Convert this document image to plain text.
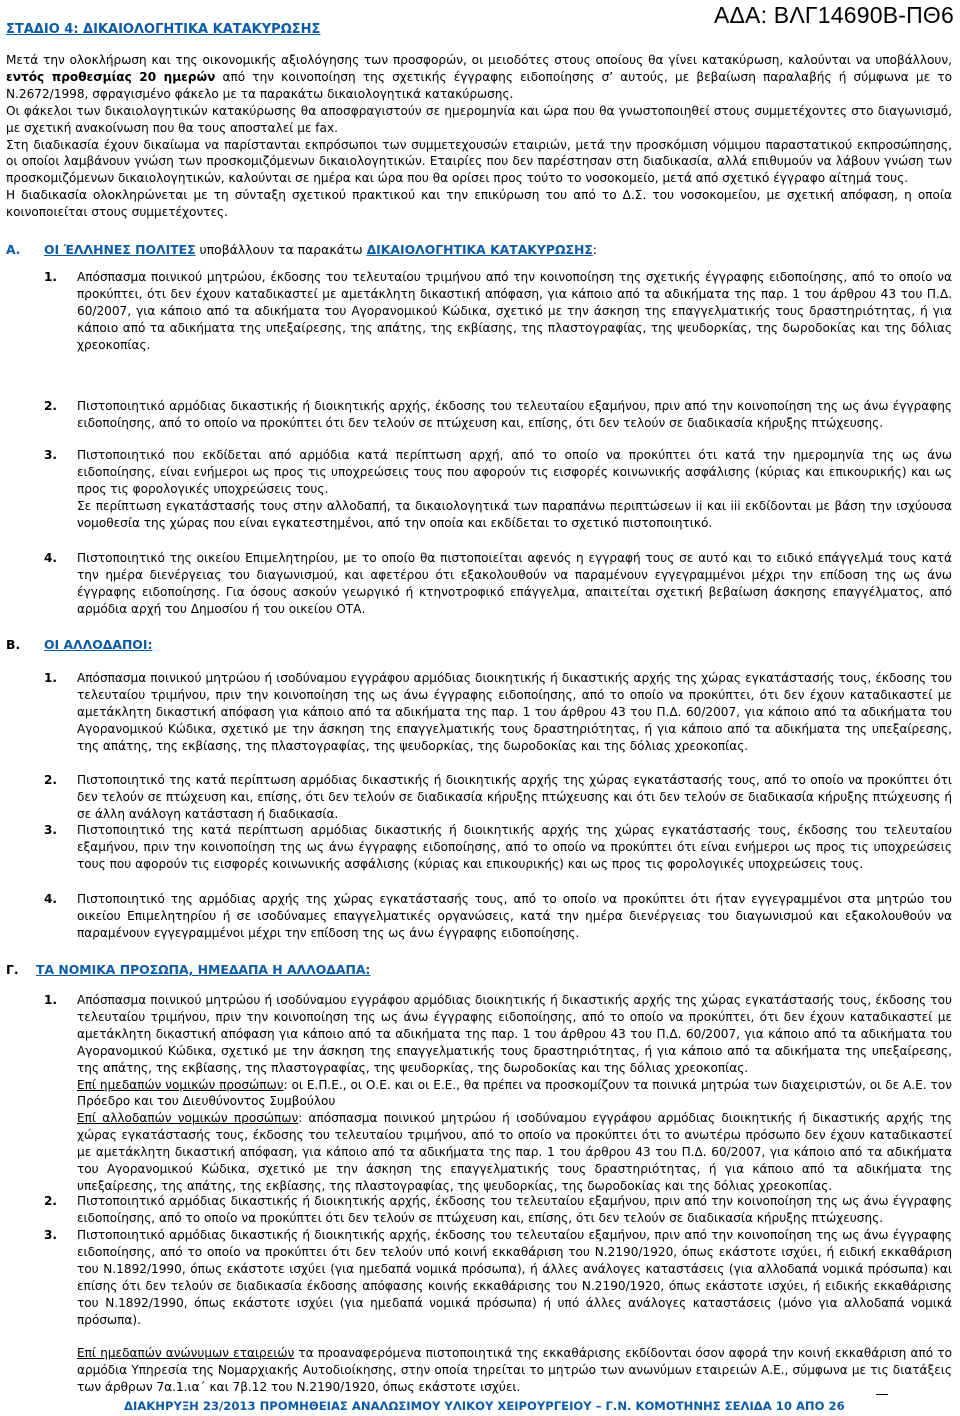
ΣΤΑΔΙΟ 4: ΔΙΚΑΙΟΛΟΓΗΤΙΚΑ ΚΑΤΑΚΥΡΩΣΗΣ
ΑΔΑ: ΒΛΓ14690Β-ΠΘ6

Μετά την ολοκλήρωση και της οικονομικής αξιολόγησης των προσφορών, οι μειοδότες στους οποίους θα γίνει κατακύρωση, καλούνται να υποβάλλουν, εντός προθεσμίας 20 ημερών από την κοινοποίηση της σχετικής έγγραφης ειδοποίησης σ’ αυτούς, με βεβαίωση παραλαβής ή σύμφωνα με το Ν.2672/1998, σφραγισμένο φάκελο με τα παρακάτω δικαιολογητικά κατακύρωσης.

Οι φάκελοι των δικαιολογητικών κατακύρωσης θα αποσφραγιστούν σε ημερομηνία και ώρα που θα γνωστοποιηθεί στους συμμετέχοντες στο διαγωνισμό, με σχετική ανακοίνωση που θα τους αποσταλεί με fax.

Στη διαδικασία έχουν δικαίωμα να παρίστανται εκπρόσωποι των συμμετεχουσών εταιριών, μετά την προσκόμιση νόμιμου παραστατικού εκπροσώπησης, οι οποίοι λαμβάνουν γνώση των προσκομιζόμενων δικαιολογητικών. Εταιρίες που δεν παρέστησαν στη διαδικασία, αλλά επιθυμούν να λάβουν γνώση των προσκομιζόμενων δικαιολογητικών, καλούνται σε ημέρα και ώρα που θα ορίσει προς τούτο το νοσοκομείο, μετά από σχετικό έγγραφο αίτημά τους.

Η διαδικασία ολοκληρώνεται με τη σύνταξη σχετικού πρακτικού και την επικύρωση του από το Δ.Σ. του νοσοκομείου, με σχετική απόφαση, η οποία κοινοποιείται στους συμμετέχοντες.

Α. ΟΙ ΈΛΛΗΝΕΣ ΠΟΛΙΤΕΣ υποβάλλουν τα παρακάτω ΔΙΚΑΙΟΛΟΓΗΤΙΚΑ ΚΑΤΑΚΥΡΩΣΗΣ:
1. Απόσπασμα ποινικού μητρώου, έκδοσης του τελευταίου τριμήνου από την κοινοποίηση της σχετικής έγγραφης ειδοποίησης, από το οποίο να προκύπτει, ότι δεν έχουν καταδικαστεί με αμετάκλητη δικαστική απόφαση, για κάποιο από τα αδικήματα της παρ. 1 του άρθρου 43 του Π.Δ. 60/2007, για κάποιο από τα αδικήματα του Αγορανομικού Κώδικα, σχετικό με την άσκηση της επαγγελματικής τους δραστηριότητας, ή για κάποιο από τα αδικήματα της υπεξαίρεσης, της απάτης, της εκβίασης, της πλαστογραφίας, της ψευδορκίας, της δωροδοκίας και της δόλιας χρεοκοπίας.
2. Πιστοποιητικό αρμόδιας δικαστικής ή διοικητικής αρχής, έκδοσης του τελευταίου εξαμήνου, πριν από την κοινοποίηση της ως άνω έγγραφης ειδοποίησης, από το οποίο να προκύπτει ότι δεν τελούν σε πτώχευση και, επίσης, ότι δεν τελούν σε διαδικασία κήρυξης πτώχευσης.
3. Πιστοποιητικό που εκδίδεται από αρμόδια κατά περίπτωση αρχή, από το οποίο να προκύπτει ότι κατά την ημερομηνία της ως άνω ειδοποίησης, είναι ενήμεροι ως προς τις υποχρεώσεις τους που αφορούν τις εισφορές κοινωνικής ασφάλισης (κύριας και επικουρικής) και ως προς τις φορολογικές υποχρεώσεις τους.

Σε περίπτωση εγκατάστασής τους στην αλλοδαπή, τα δικαιολογητικά των παραπάνω περιπτώσεων ii και iii εκδίδονται με βάση την ισχύουσα νομοθεσία της χώρας που είναι εγκατεστημένοι, από την οποία και εκδίδεται το σχετικό πιστοποιητικό.

4. Πιστοποιητικό της οικείου Επιμελητηρίου, με το οποίο θα πιστοποιείται αφενός η εγγραφή τους σε αυτό και το ειδικό επάγγελμά τους κατά την ημέρα διενέργειας του διαγωνισμού, και αφετέρου ότι εξακολουθούν να παραμένουν εγγεγραμμένοι μέχρι την επίδοση της ως άνω έγγραφης ειδοποίησης. Για όσους ασκούν γεωργικό ή κτηνοτροφικό επάγγελμα, απαιτείται σχετική βεβαίωση άσκησης επαγγέλματος, από αρμόδια αρχή του Δημοσίου ή του οικείου ΟΤΑ.
Β. ΟΙ ΑΛΛΟΔΑΠΟΙ:
1. Απόσπασμα ποινικού μητρώου ή ισοδύναμου εγγράφου αρμόδιας διοικητικής ή δικαστικής αρχής της χώρας εγκατάστασής τους, έκδοσης του τελευταίου τριμήνου, πριν την κοινοποίηση της ως άνω έγγραφης ειδοποίησης, από το οποίο να προκύπτει, ότι δεν έχουν καταδικαστεί με αμετάκλητη δικαστική απόφαση για κάποιο από τα αδικήματα της παρ. 1 του άρθρου 43 του Π.Δ. 60/2007, για κάποιο από τα αδικήματα του Αγορανομικού Κώδικα, σχετικό με την άσκηση της επαγγελματικής τους δραστηριότητας, ή για κάποιο από τα αδικήματα της υπεξαίρεσης, της απάτης, της εκβίασης, της πλαστογραφίας, της ψευδορκίας, της δωροδοκίας και της δόλιας χρεοκοπίας.
2. Πιστοποιητικό της κατά περίπτωση αρμόδιας δικαστικής ή διοικητικής αρχής της χώρας εγκατάστασής τους, από το οποίο να προκύπτει ότι δεν τελούν σε πτώχευση και, επίσης, ότι δεν τελούν σε διαδικασία κήρυξης πτώχευσης και ότι δεν τελούν σε διαδικασία κήρυξης πτώχευσης ή σε άλλη ανάλογη κατάσταση ή διαδικασία.
3. Πιστοποιητικό της κατά περίπτωση αρμόδιας δικαστικής ή διοικητικής αρχής της χώρας εγκατάστασής τους, έκδοσης του τελευταίου εξαμήνου, πριν την κοινοποίηση της ως άνω έγγραφης ειδοποίησης, από το οποίο να προκύπτει ότι είναι ενήμεροι ως προς τις υποχρεώσεις τους που αφορούν τις εισφορές κοινωνικής ασφάλισης (κύριας και επικουρικής) και ως προς τις φορολογικές υποχρεώσεις τους.
4. Πιστοποιητικό της αρμόδιας αρχής της χώρας εγκατάστασής τους, από το οποίο να προκύπτει ότι ήταν εγγεγραμμένοι στα μητρώο του οικείου Επιμελητηρίου ή σε ισοδύναμες επαγγελματικές οργανώσεις, κατά την ημέρα διενέργειας του διαγωνισμού και εξακολουθούν να παραμένουν εγγεγραμμένοι μέχρι την επίδοση της ως άνω έγγραφης ειδοποίησης.
Γ. ΤΑ ΝΟΜΙΚΑ ΠΡΟΣΩΠΑ, ΗΜΕΔΑΠΑ Η ΑΛΛΟΔΑΠΑ:
1. Απόσπασμα ποινικού μητρώου ή ισοδύναμου εγγράφου αρμόδιας διοικητικής ή δικαστικής αρχής της χώρας εγκατάστασής τους, έκδοσης του τελευταίου τριμήνου, πριν την κοινοποίηση της ως άνω έγγραφης ειδοποίησης, από το οποίο να προκύπτει, ότι δεν έχουν καταδικαστεί με αμετάκλητη δικαστική απόφαση για κάποιο από τα αδικήματα της παρ. 1 του άρθρου 43 του Π.Δ. 60/2007, για κάποιο από τα αδικήματα του Αγορανομικού Κώδικα, σχετικό με την άσκηση της επαγγελματικής τους δραστηριότητας, ή για κάποιο από τα αδικήματα της υπεξαίρεσης, της απάτης, της εκβίασης, της πλαστογραφίας, της ψευδορκίας, της δωροδοκίας και της δόλιας χρεοκοπίας.

Επί ημεδαπών νομικών προσώπων: οι Ε.Π.Ε., οι Ο.Ε. και οι Ε.Ε., θα πρέπει να προσκομίζουν τα ποινικά μητρώα των διαχειριστών, οι δε Α.Ε. τον Πρόεδρο και του Διευθύνοντος Συμβούλου

Επί αλλοδαπών νομικών προσώπων: απόσπασμα ποινικού μητρώου ή ισοδύναμου εγγράφου αρμόδιας διοικητικής ή δικαστικής αρχής της χώρας εγκατάστασής τους, έκδοσης του τελευταίου τριμήνου, από το οποίο να προκύπτει ότι το ανωτέρω πρόσωπο δεν έχουν καταδικαστεί με αμετάκλητη δικαστική απόφαση, για κάποιο από τα αδικήματα της παρ. 1 του άρθρου 43 του Π.Δ. 60/2007, για κάποιο από τα αδικήματα του Αγορανομικού Κώδικα, σχετικό με την άσκηση της επαγγελματικής τους δραστηριότητας, ή για κάποιο από τα αδικήματα της υπεξαίρεσης, της απάτης, της εκβίασης, της πλαστογραφίας, της ψευδορκίας, της δωροδοκίας και της δόλιας χρεοκοπίας.

2. Πιστοποιητικό αρμόδιας δικαστικής ή διοικητικής αρχής, έκδοσης του τελευταίου εξαμήνου, πριν από την κοινοποίηση της ως άνω έγγραφης ειδοποίησης, από το οποίο να προκύπτει ότι δεν τελούν σε πτώχευση και, επίσης, ότι δεν τελούν σε διαδικασία κήρυξης πτώχευσης.
3. Πιστοποιητικό αρμόδιας δικαστικής ή διοικητικής αρχής, έκδοσης του τελευταίου εξαμήνου, πριν από την κοινοποίηση της ως άνω έγγραφης ειδοποίησης, από το οποίο να προκύπτει ότι δεν τελούν υπό κοινή εκκαθάριση του Ν.2190/1920, όπως εκάστοτε ισχύει, ή ειδική εκκαθάριση του Ν.1892/1990, όπως εκάστοτε ισχύει (για ημεδαπά νομικά πρόσωπα), ή άλλες ανάλογες καταστάσεις (για αλλοδαπά νομικά πρόσωπα) και επίσης ότι δεν τελούν σε διαδικασία έκδοσης απόφασης κοινής εκκαθάρισης του Ν.2190/1920, όπως εκάστοτε ισχύει, ή ειδικής εκκαθάρισης του Ν.1892/1990, όπως εκάστοτε ισχύει (για ημεδαπά νομικά πρόσωπα) ή υπό άλλες ανάλογες καταστάσεις (μόνο για αλλοδαπά νομικά πρόσωπα).

Επί ημεδαπών ανώνυμων εταιρειών τα προαναφερόμενα πιστοποιητικά της εκκαθάρισης εκδίδονται όσον αφορά την κοινή εκκαθάριση από το αρμόδια Υπηρεσία της Νομαρχιακής Αυτοδιοίκησης, στην οποία τηρείται το μητρώο των ανωνύμων εταιρειών Α.Ε., σύμφωνα με τις διατάξεις των άρθρων 7α.1.ια΄ και 7β.12 του Ν.2190/1920, όπως εκάστοτε ισχύει.

ΔΙΑΚΗΡΥΞΗ 23/2013 ΠΡΟΜΗΘΕΙΑΣ ΑΝΑΛΩΣΙΜΟΥ ΥΛΙΚΟΥ ΧΕΙΡΟΥΡΓΕΙΟΥ – Γ.Ν. ΚΟΜΟΤΗΝΗΣ ΣΕΛΙΔΑ 10 ΑΠΟ 26
